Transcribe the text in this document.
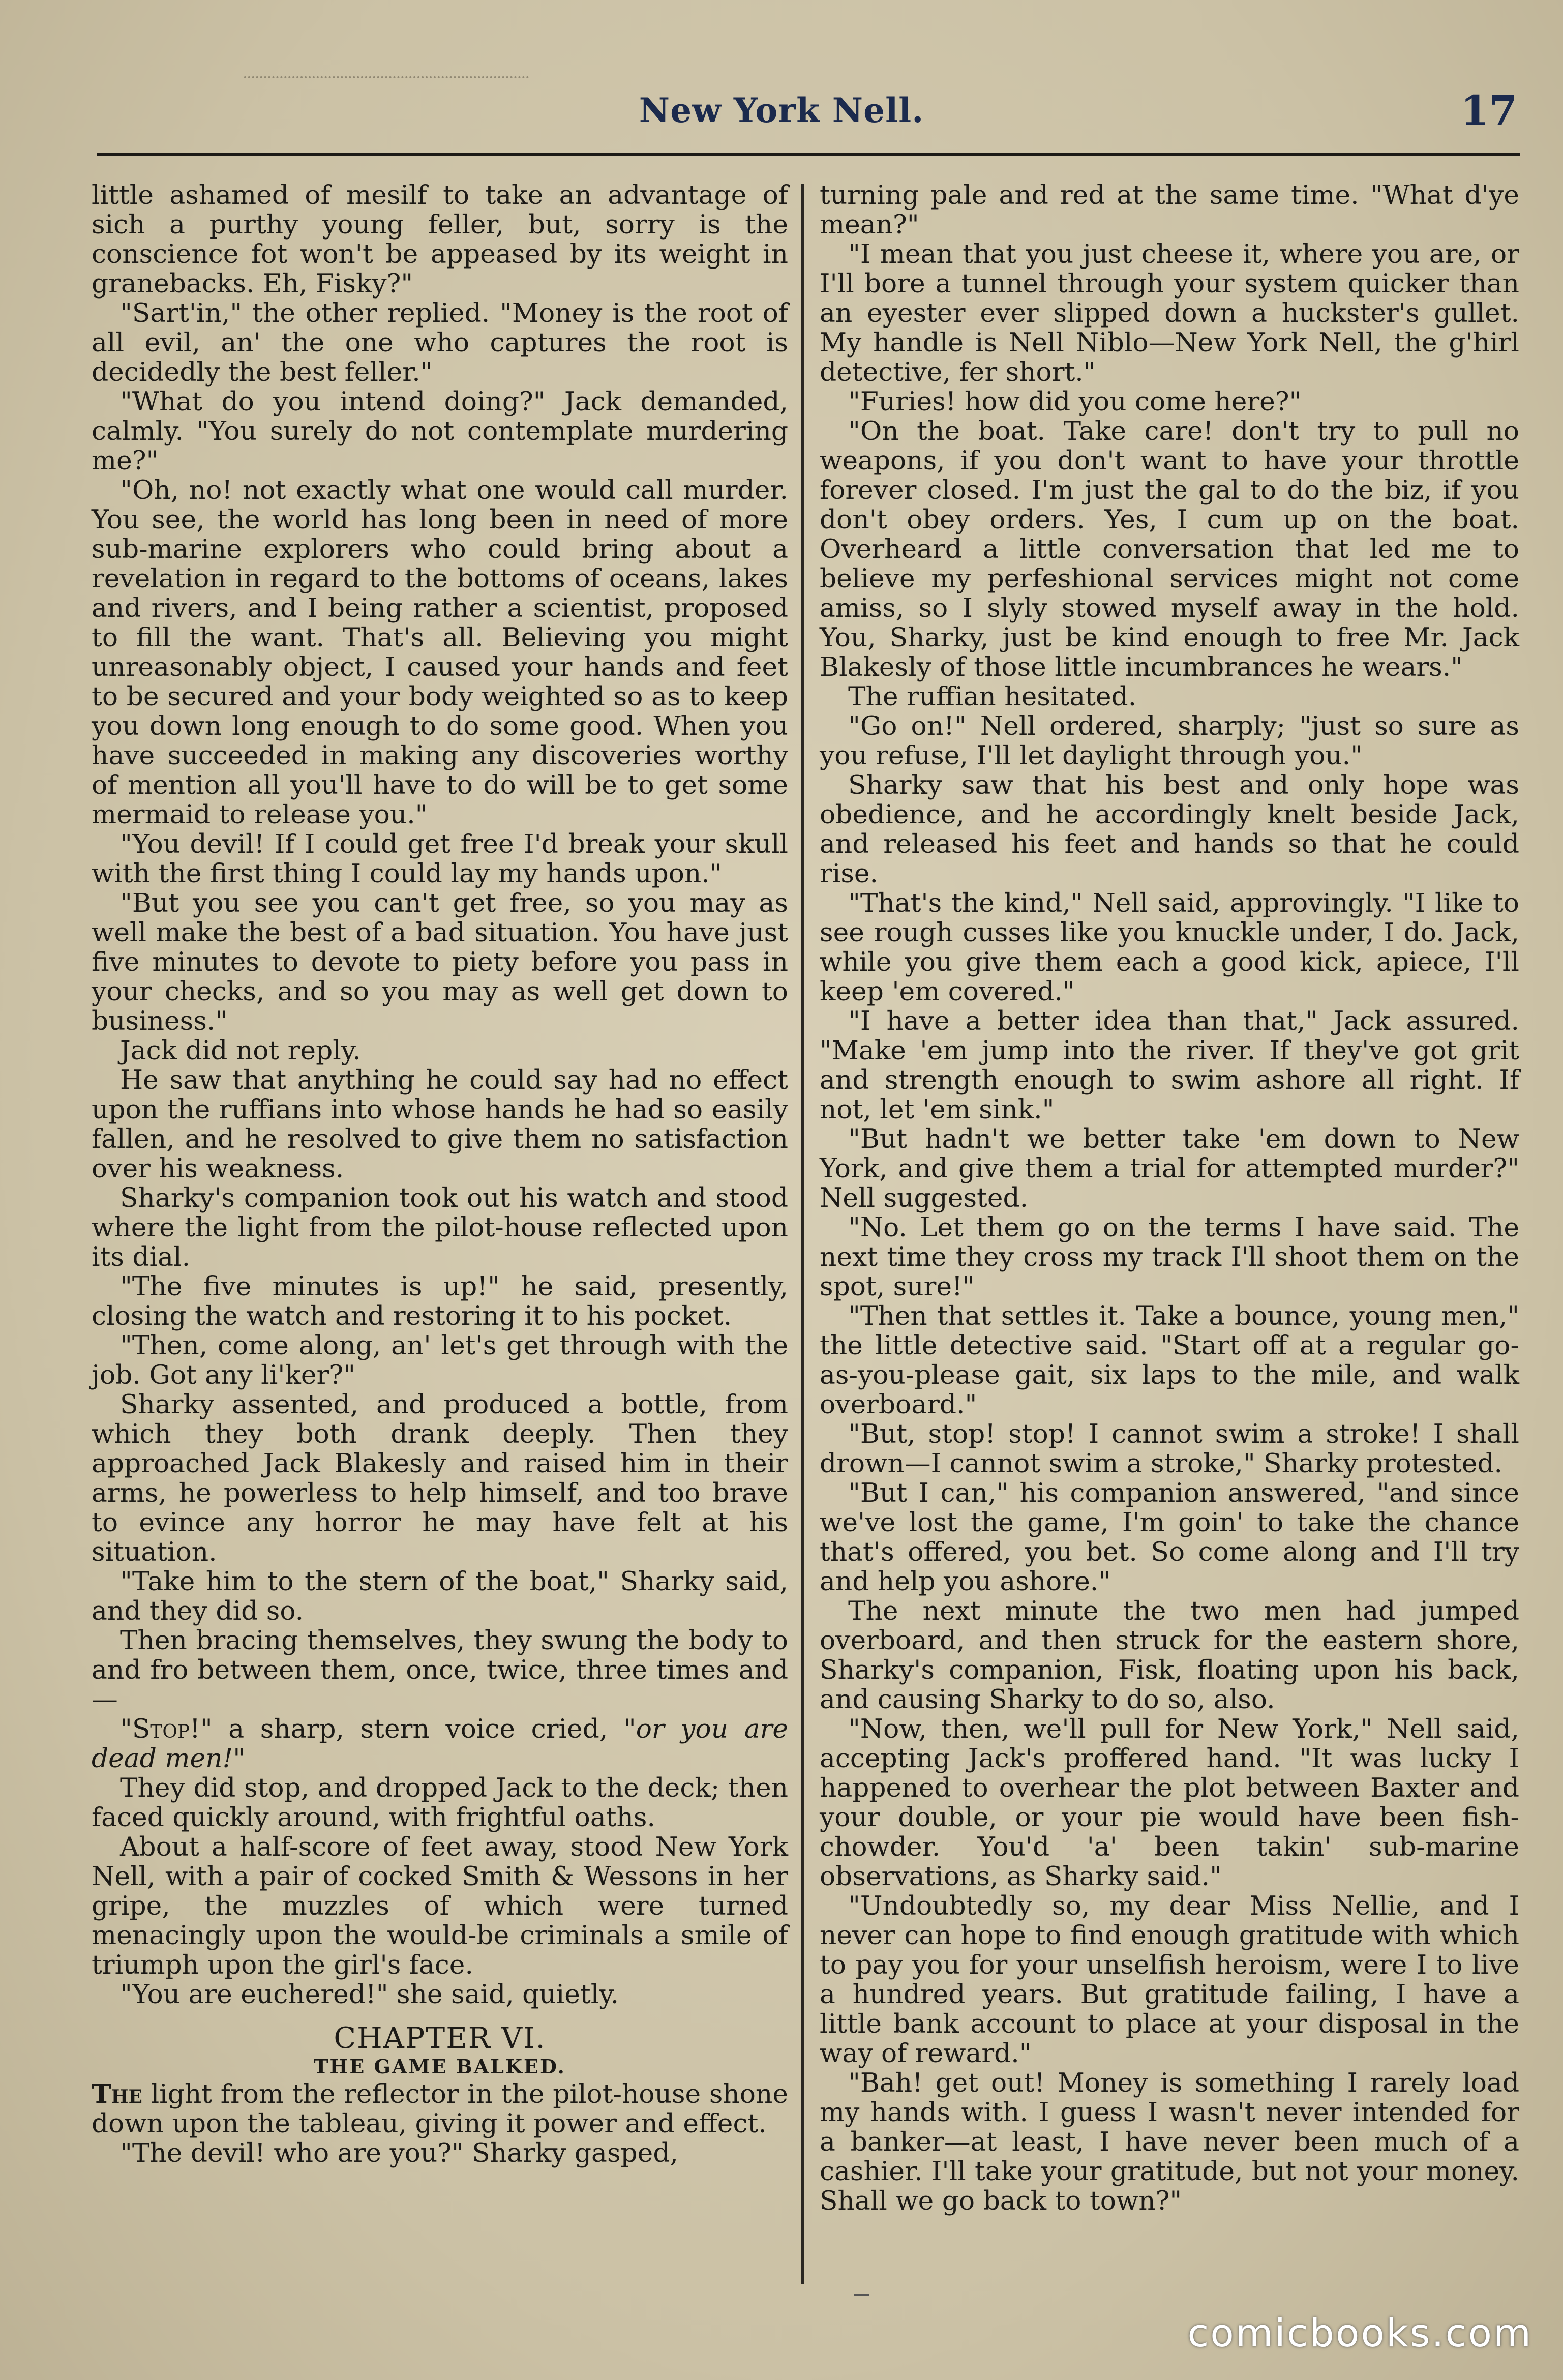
New York Nell.	17

little ashamed of mesilf to take an advantage of sich a purthy young feller, but, sorry is the conscience fot won't be appeased by its weight in granebacks. Eh, Fisky?"

"Sart'in," the other replied. "Money is the root of all evil, an' the one who captures the root is decidedly the best feller."

"What do you intend doing?" Jack demanded, calmly. "You surely do not contemplate murdering me?"

"Oh, no! not exactly what one would call murder. You see, the world has long been in need of more sub-marine explorers who could bring about a revelation in regard to the bottoms of oceans, lakes and rivers, and I being rather a scientist, proposed to fill the want. That's all. Believing you might unreasonably object, I caused your hands and feet to be secured and your body weighted so as to keep you down long enough to do some good. When you have succeeded in making any discoveries worthy of mention all you'll have to do will be to get some mermaid to release you."

"You devil! If I could get free I'd break your skull with the first thing I could lay my hands upon."

"But you see you can't get free, so you may as well make the best of a bad situation. You have just five minutes to devote to piety before you pass in your checks, and so you may as well get down to business."

Jack did not reply.

He saw that anything he could say had no effect upon the ruffians into whose hands he had so easily fallen, and he resolved to give them no satisfaction over his weakness.

Sharky's companion took out his watch and stood where the light from the pilot-house reflected upon its dial.

"The five minutes is up!" he said, presently, closing the watch and restoring it to his pocket.

"Then, come along, an' let's get through with the job. Got any li'ker?"

Sharky assented, and produced a bottle, from which they both drank deeply. Then they approached Jack Blakesly and raised him in their arms, he powerless to help himself, and too brave to evince any horror he may have felt at his situation.

"Take him to the stern of the boat," Sharky said, and they did so.

Then bracing themselves, they swung the body to and fro between them, once, twice, three times and—

"Stop!" a sharp, stern voice cried, "or you are dead men!"

They did stop, and dropped Jack to the deck; then faced quickly around, with frightful oaths.

About a half-score of feet away, stood New York Nell, with a pair of cocked Smith & Wessons in her gripe, the muzzles of which were turned menacingly upon the would-be criminals a smile of triumph upon the girl's face.

"You are euchered!" she said, quietly.

CHAPTER VI.
THE GAME BALKED.

The light from the reflector in the pilot-house shone down upon the tableau, giving it power and effect.

"The devil! who are you?" Sharky gasped,

turning pale and red at the same time. "What d'ye mean?"

"I mean that you just cheese it, where you are, or I'll bore a tunnel through your system quicker than an eyester ever slipped down a huckster's gullet. My handle is Nell Niblo—New York Nell, the g'hirl detective, fer short."

"Furies! how did you come here?"

"On the boat. Take care! don't try to pull no weapons, if you don't want to have your throttle forever closed. I'm just the gal to do the biz, if you don't obey orders. Yes, I cum up on the boat. Overheard a little conversation that led me to believe my perfeshional services might not come amiss, so I slyly stowed myself away in the hold. You, Sharky, just be kind enough to free Mr. Jack Blakesly of those little incumbrances he wears."

The ruffian hesitated.

"Go on!" Nell ordered, sharply; "just so sure as you refuse, I'll let daylight through you."

Sharky saw that his best and only hope was obedience, and he accordingly knelt beside Jack, and released his feet and hands so that he could rise.

"That's the kind," Nell said, approvingly. "I like to see rough cusses like you knuckle under, I do. Jack, while you give them each a good kick, apiece, I'll keep 'em covered."

"I have a better idea than that," Jack assured. "Make 'em jump into the river. If they've got grit and strength enough to swim ashore all right. If not, let 'em sink."

"But hadn't we better take 'em down to New York, and give them a trial for attempted murder?" Nell suggested.

"No. Let them go on the terms I have said. The next time they cross my track I'll shoot them on the spot, sure!"

"Then that settles it. Take a bounce, young men," the little detective said. "Start off at a regular go-as-you-please gait, six laps to the mile, and walk overboard."

"But, stop! stop! I cannot swim a stroke! I shall drown—I cannot swim a stroke," Sharky protested.

"But I can," his companion answered, "and since we've lost the game, I'm goin' to take the chance that's offered, you bet. So come along and I'll try and help you ashore."

The next minute the two men had jumped overboard, and then struck for the eastern shore, Sharky's companion, Fisk, floating upon his back, and causing Sharky to do so, also.

"Now, then, we'll pull for New York," Nell said, accepting Jack's proffered hand. "It was lucky I happened to overhear the plot between Baxter and your double, or your pie would have been fish-chowder. You'd 'a' been takin' sub-marine observations, as Sharky said."

"Undoubtedly so, my dear Miss Nellie, and I never can hope to find enough gratitude with which to pay you for your unselfish heroism, were I to live a hundred years. But gratitude failing, I have a little bank account to place at your disposal in the way of reward."

"Bah! get out! Money is something I rarely load my hands with. I guess I wasn't never intended for a banker—at least, I have never been much of a cashier. I'll take your gratitude, but not your money. Shall we go back to town?"

comicbooks.com
